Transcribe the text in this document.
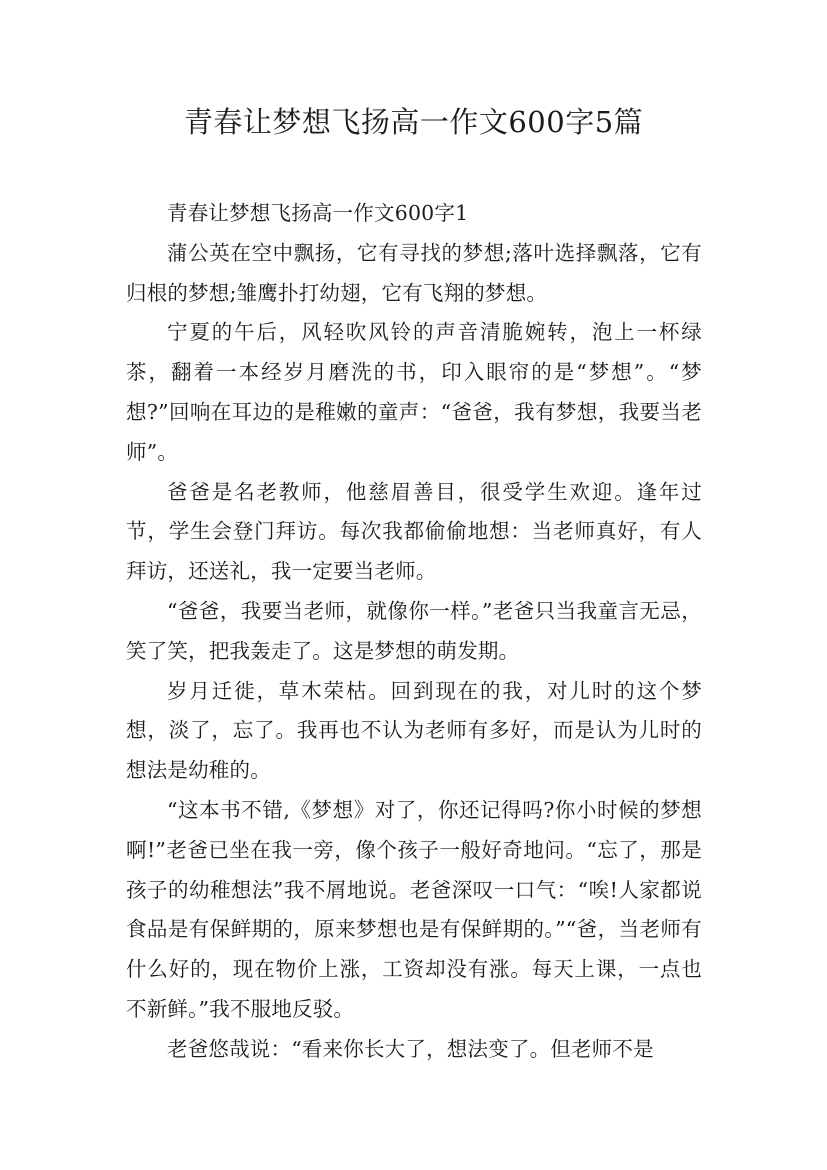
青春让梦想飞扬高一作文600字5篇

青春让梦想飞扬高一作文600字1

蒲公英在空中飘扬，它有寻找的梦想;落叶选择飘落，它有归根的梦想;雏鹰扑打幼翅，它有飞翔的梦想。

宁夏的午后，风轻吹风铃的声音清脆婉转，泡上一杯绿茶，翻着一本经岁月磨洗的书，印入眼帘的是“梦想”。“梦想?”回响在耳边的是稚嫩的童声：“爸爸，我有梦想，我要当老师”。

爸爸是名老教师，他慈眉善目，很受学生欢迎。逢年过节，学生会登门拜访。每次我都偷偷地想：当老师真好，有人拜访，还送礼，我一定要当老师。

“爸爸，我要当老师，就像你一样。”老爸只当我童言无忌，笑了笑，把我轰走了。这是梦想的萌发期。

岁月迁徙，草木荣枯。回到现在的我，对儿时的这个梦想，淡了，忘了。我再也不认为老师有多好，而是认为儿时的想法是幼稚的。

“这本书不错,《梦想》对了，你还记得吗?你小时候的梦想啊!”老爸已坐在我一旁，像个孩子一般好奇地问。“忘了，那是孩子的幼稚想法”我不屑地说。老爸深叹一口气：“唉!人家都说食品是有保鲜期的，原来梦想也是有保鲜期的。”“爸，当老师有什么好的，现在物价上涨，工资却没有涨。每天上课，一点也不新鲜。”我不服地反驳。

老爸悠哉说：“看来你长大了，想法变了。但老师不是
